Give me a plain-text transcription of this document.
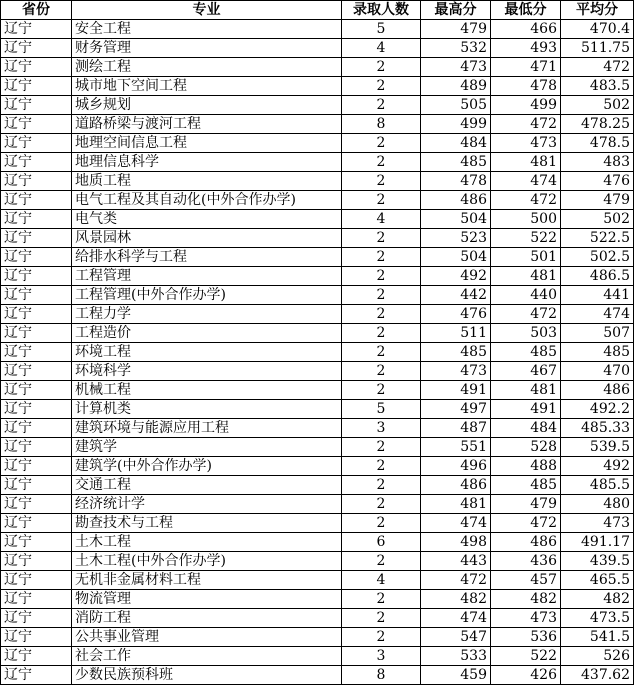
省份	专业	录取人数	最高分	最低分	平均分
辽宁	安全工程	5	479	466	470.4
辽宁	财务管理	4	532	493	511.75
辽宁	测绘工程	2	473	471	472
辽宁	城市地下空间工程	2	489	478	483.5
辽宁	城乡规划	2	505	499	502
辽宁	道路桥梁与渡河工程	8	499	472	478.25
辽宁	地理空间信息工程	2	484	473	478.5
辽宁	地理信息科学	2	485	481	483
辽宁	地质工程	2	478	474	476
辽宁	电气工程及其自动化(中外合作办学)	2	486	472	479
辽宁	电气类	4	504	500	502
辽宁	风景园林	2	523	522	522.5
辽宁	给排水科学与工程	2	504	501	502.5
辽宁	工程管理	2	492	481	486.5
辽宁	工程管理(中外合作办学)	2	442	440	441
辽宁	工程力学	2	476	472	474
辽宁	工程造价	2	511	503	507
辽宁	环境工程	2	485	485	485
辽宁	环境科学	2	473	467	470
辽宁	机械工程	2	491	481	486
辽宁	计算机类	5	497	491	492.2
辽宁	建筑环境与能源应用工程	3	487	484	485.33
辽宁	建筑学	2	551	528	539.5
辽宁	建筑学(中外合作办学)	2	496	488	492
辽宁	交通工程	2	486	485	485.5
辽宁	经济统计学	2	481	479	480
辽宁	勘查技术与工程	2	474	472	473
辽宁	土木工程	6	498	486	491.17
辽宁	土木工程(中外合作办学)	2	443	436	439.5
辽宁	无机非金属材料工程	4	472	457	465.5
辽宁	物流管理	2	482	482	482
辽宁	消防工程	2	474	473	473.5
辽宁	公共事业管理	2	547	536	541.5
辽宁	社会工作	3	533	522	526
辽宁	少数民族预科班	8	459	426	437.62
